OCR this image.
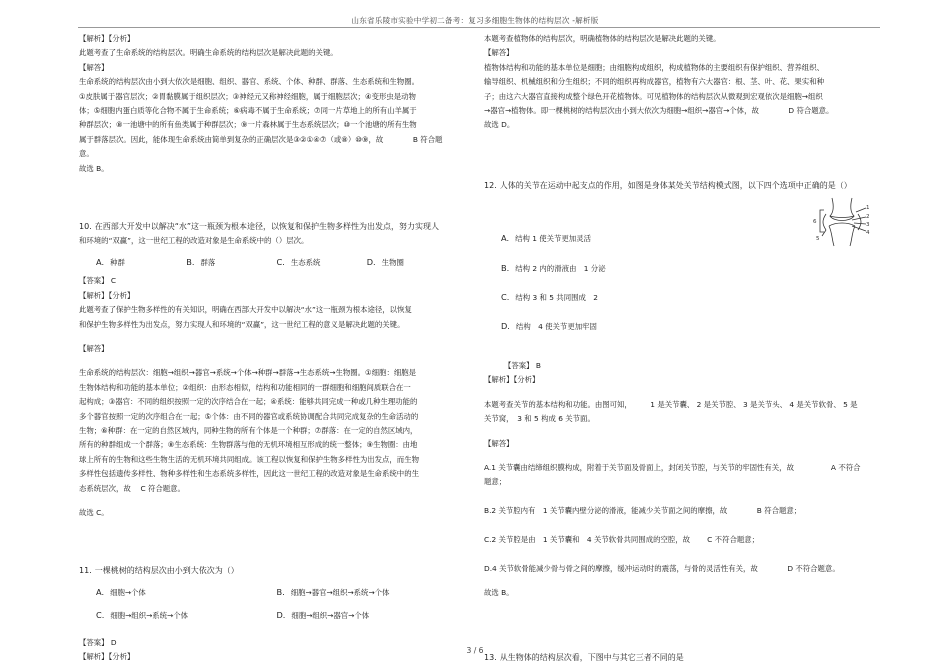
山东省乐陵市实验中学初二备考：复习多细胞生物体的结构层次 -解析版
【解析】【分析】
此题考查了生命系统的结构层次。明确生命系统的结构层次是解决此题的关键。
【解答】
生命系统的结构层次由小到大依次是细胞、组织、器官、系统、个体、种群、群落、生态系统和生物圈。
①皮肤属于器官层次；②胃黏膜属于组织层次；③神经元又称神经细胞，属于细胞层次；④变形虫是动物
体；⑤细胞内蛋白质等化合物不属于生命系统；⑥病毒不属于生命系统；⑦同一片草地上的所有山羊属于
种群层次；⑧一池塘中的所有鱼类属于种群层次；⑨一片森林属于生态系统层次；⑩一个池塘的所有生物
属于群落层次。因此，能体现生命系统由简单到复杂的正确层次是③②①④⑦（或⑧）⑩⑨，故　　　　B 符合题
意。
故选 B。
10. 在西部大开发中以解决“水”这一瓶颈为根本途径，以恢复和保护生物多样性为出发点，努力实现人
和环境的“双赢”，这一世纪工程的改造对象是生命系统中的（）层次。
A. 种群	B. 群落	C. 生态系统	D. 生物圈
【答案】 C
【解析】【分析】
此题考查了保护生物多样性的有关知识，明确在西部大开发中以解决“水”这一瓶颈为根本途径，以恢复
和保护生物多样性为出发点，努力实现人和环境的“双赢”，这一世纪工程的意义是解决此题的关键。
【解答】
生命系统的结构层次：细胞→组织→器官→系统→个体→种群→群落→生态系统→生物圈。①细胞：细胞是
生物体结构和功能的基本单位；②组织：由形态相似，结构和功能相同的一群细胞和细胞间质联合在一
起构成；③器官：不同的组织按照一定的次序结合在一起；④系统：能够共同完成一种或几种生理功能的
多个器官按照一定的次序组合在一起；⑤个体：由不同的器官或系统协调配合共同完成复杂的生命活动的
生物；⑥种群：在一定的自然区域内，同种生物的所有个体是一个种群；⑦群落：在一定的自然区域内，
所有的种群组成一个群落；⑧生态系统：生物群落与他的无机环境相互形成的统一整体；⑨生物圈：由地
球上所有的生物和这些生物生活的无机环境共同组成。该工程以恢复和保护生物多样性为出发点，而生物
多样性包括遗传多样性、物种多样性和生态系统多样性，因此这一世纪工程的改造对象是生命系统中的生
态系统层次，故　 C 符合题意。
故选 C。
11. 一棵桃树的结构层次由小到大依次为（）
A. 细胞→个体	B. 细胞→器官→组织→系统→个体
C. 细胞→组织→系统→个体	D. 细胞→组织→器官→个体
【答案】 D
【解析】【分析】
本题考查植物体的结构层次，明确植物体的结构层次是解决此题的关键。
【解答】
植物体结构和功能的基本单位是细胞；由细胞构成组织，构成植物体的主要组织有保护组织、营养组织、
输导组织、机械组织和分生组织；不同的组织再构成器官，植物有六大器官：根、茎、叶、花、果实和种
子；由这六大器官直接构成整个绿色开花植物体。可见植物体的结构层次从微观到宏观依次是细胞→组织
→器官→植物体。即一棵桃树的结构层次由小到大依次为细胞→组织→器官→个体，故　　　　D 符合题意。
故选 D。
12. 人体的关节在运动中起支点的作用，如图是身体某处关节结构模式图，以下四个选项中正确的是（）
A. 结构 1 使关节更加灵活
B. 结构 2 内的滑液由　1 分泌
C. 结构 3 和 5 共同围成　2
D. 结构　4 使关节更加牢固
【答案】 B
【解析】【分析】
本题考查关节的基本结构和功能。由图可知，　　　1 是关节囊、 2 是关节腔、 3 是关节头、 4 是关节软骨、 5 是
关节窝，　3 和 5 构成 6 关节面。
【解答】
A.1 关节囊由结缔组织膜构成，附着于关节面及骨面上，封闭关节腔，与关节的牢固性有关，故　　　　　A 不符合
题意；

B.2 关节腔内有　1 关节囊内壁分泌的滑液，能减少关节面之间的摩擦，故　　　　B 符合题意；

C.2 关节腔是由　1 关节囊和　4 关节软骨共同围成的空腔，故　　 C 不符合题意；

D.4 关节软骨能减少骨与骨之间的摩擦，缓冲运动时的震荡，与骨的灵活性有关，故　　　　D 不符合题意。
故选 B。
13. 从生物体的结构层次看，下图中与其它三者不同的是
6
1
2
3
4
5
3 / 6
